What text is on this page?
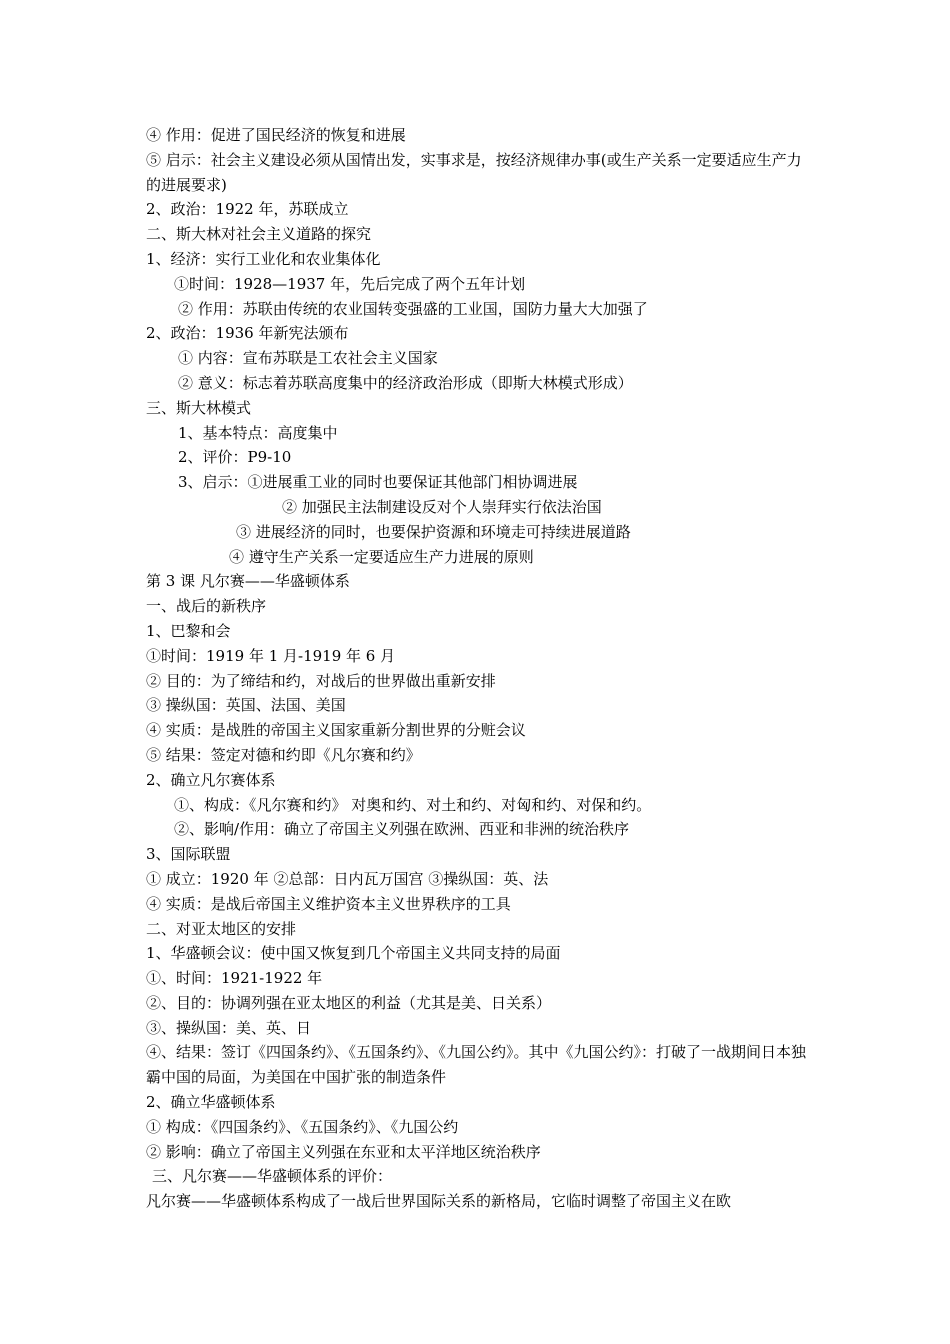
④ 作用：促进了国民经济的恢复和进展
⑤ 启示：社会主义建设必须从国情出发，实事求是，按经济规律办事(或生产关系一定要适应生产力的进展要求)
2、政治：1922 年，苏联成立
二、斯大林对社会主义道路的探究
1、经济：实行工业化和农业集体化
①时间：1928—1937 年，先后完成了两个五年计划
② 作用：苏联由传统的农业国转变强盛的工业国，国防力量大大加强了
2、政治：1936 年新宪法颁布
① 内容：宣布苏联是工农社会主义国家
② 意义：标志着苏联高度集中的经济政治形成（即斯大林模式形成）
三、斯大林模式
1、基本特点：高度集中
2、评价：P9-10
3、启示：①进展重工业的同时也要保证其他部门相协调进展
② 加强民主法制建设反对个人崇拜实行依法治国
③ 进展经济的同时，也要保护资源和环境走可持续进展道路
④ 遵守生产关系一定要适应生产力进展的原则
第 3 课 凡尔赛——华盛顿体系
一、战后的新秩序
1、巴黎和会
①时间：1919 年 1 月-1919 年 6 月
② 目的：为了缔结和约，对战后的世界做出重新安排
③ 操纵国：英国、法国、美国
④ 实质：是战胜的帝国主义国家重新分割世界的分赃会议
⑤ 结果：签定对德和约即《凡尔赛和约》
2、确立凡尔赛体系
①、构成：《凡尔赛和约》 对奥和约、对土和约、对匈和约、对保和约。
②、影响/作用：确立了帝国主义列强在欧洲、西亚和非洲的统治秩序
3、国际联盟
① 成立：1920 年 ②总部：日内瓦万国宫 ③操纵国：英、法
④ 实质：是战后帝国主义维护资本主义世界秩序的工具
二、对亚太地区的安排
1、华盛顿会议：使中国又恢复到几个帝国主义共同支持的局面
①、时间：1921-1922 年
②、目的：协调列强在亚太地区的利益（尤其是美、日关系）
③、操纵国：美、英、日
④、结果：签订《四国条约》、《五国条约》、《九国公约》。其中《九国公约》：打破了一战期间日本独霸中国的局面，为美国在中国扩张的制造条件
2、确立华盛顿体系
① 构成：《四国条约》、《五国条约》、《九国公约
② 影响：确立了帝国主义列强在东亚和太平洋地区统治秩序
三、凡尔赛——华盛顿体系的评价：
凡尔赛——华盛顿体系构成了一战后世界国际关系的新格局，它临时调整了帝国主义在欧
